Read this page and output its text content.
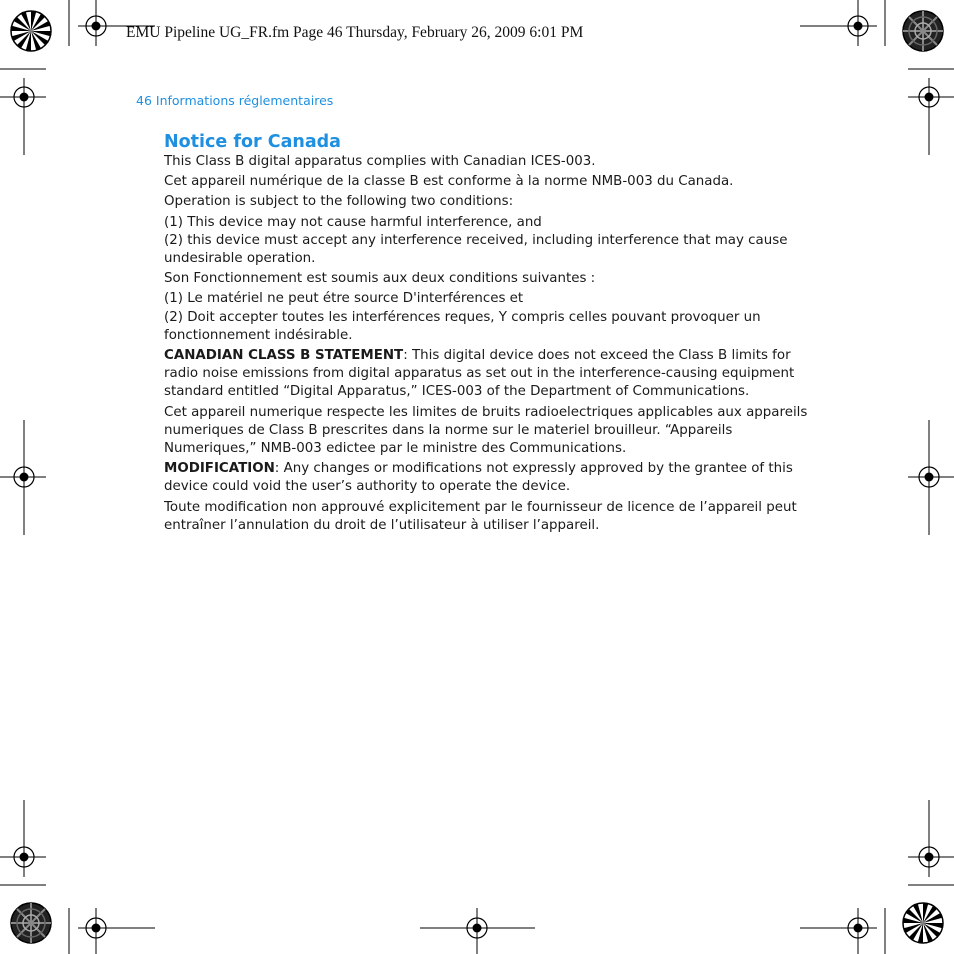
EMU Pipeline UG_FR.fm Page 46 Thursday, February 26, 2009 6:01 PM
46 Informations réglementaires
Notice for Canada

This Class B digital apparatus complies with Canadian ICES-003.

Cet appareil numérique de la classe B est conforme à la norme NMB-003 du Canada.

Operation is subject to the following two conditions:

(1) This device may not cause harmful interference, and

(2) this device must accept any interference received, including interference that may cause undesirable operation.

Son Fonctionnement est soumis aux deux conditions suivantes :

(1) Le matériel ne peut étre source D'interférences et

(2) Doit accepter toutes les interférences reques, Y compris celles pouvant provoquer un fonctionnement indésirable.

CANADIAN CLASS B STATEMENT: This digital device does not exceed the Class B limits for radio noise emissions from digital apparatus as set out in the interference-causing equipment standard entitled “Digital Apparatus,” ICES-003 of the Department of Communications.

Cet appareil numerique respecte les limites de bruits radioelectriques applicables aux appareils numeriques de Class B prescrites dans la norme sur le materiel brouilleur. “Appareils Numeriques,” NMB-003 edictee par le ministre des Communications.

MODIFICATION: Any changes or modifications not expressly approved by the grantee of this device could void the user’s authority to operate the device.

Toute modification non approuvé explicitement par le fournisseur de licence de l’appareil peut entraîner l’annulation du droit de l’utilisateur à utiliser l’appareil.
